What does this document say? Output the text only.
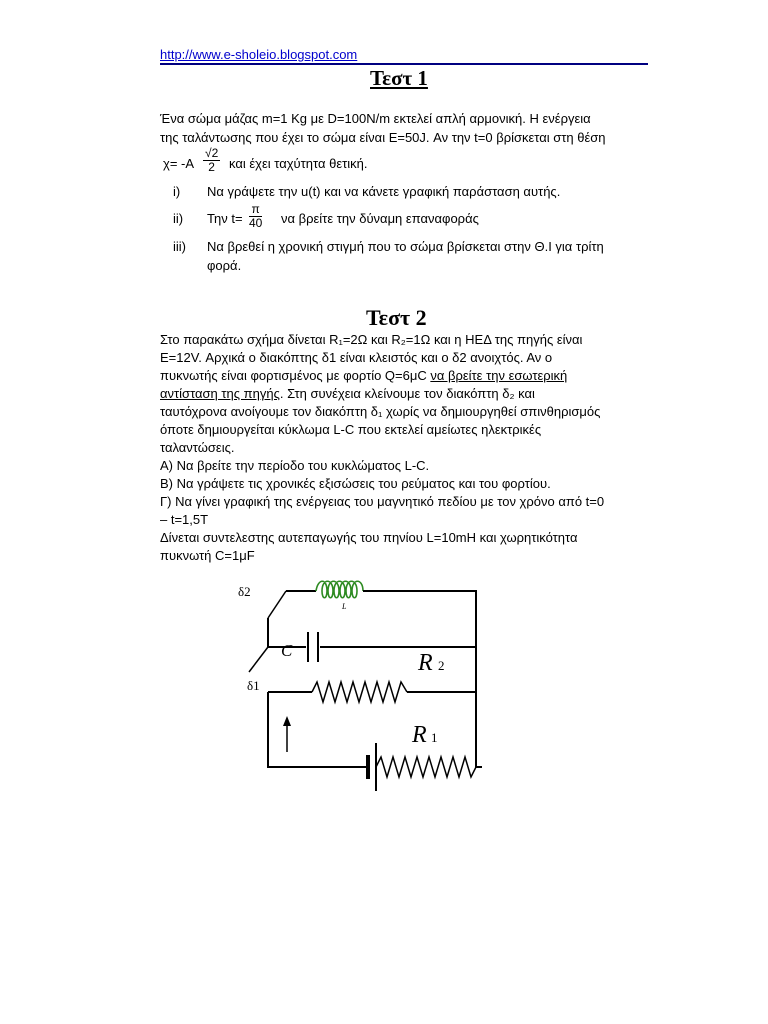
http://www.e-sholeio.blogspot.com
Τεστ 1
Ένα σώμα μάζας m=1 Kg με D=100N/m εκτελεί απλή αρμονική. Η ενέργεια
της ταλάντωσης που έχει το σώμα είναι E=50J. Αν την t=0 βρίσκεται στη θέση
$\chi= -A \frac{√2}{2}$ και έχει ταχύτητα θετική.
i) Να γράψετε την u(t) και να κάνετε γραφική παράσταση αυτής.
ii) Την $t= \frac{\pi}{40}$ να βρείτε την δύναμη επαναφοράς
iii) Να βρεθεί η χρονική στιγμή που το σώμα βρίσκεται στην Θ.Ι για τρίτη
φορά.
Τεστ 2
Στο παρακάτω σχήμα δίνεται R₁=2Ω και R₂=1Ω και η ΗΕΔ της πηγής είναι
E=12V. Αρχικά ο διακόπτης δ1 είναι κλειστός και ο δ2 ανοιχτός. Αν ο
πυκνωτής είναι φορτισμένος με φορτίο Q=6μC να βρείτε την εσωτερική
αντίσταση της πηγής. Στη συνέχεια κλείνουμε τον διακόπτη δ₂ και
ταυτόχρονα ανοίγουμε τον διακόπτη δ₁ χωρίς να δημιουργηθεί σπινθηρισμός
όποτε δημιουργείται κύκλωμα L-C που εκτελεί αμείωτες ηλεκτρικές
ταλαντώσεις.
Α) Να βρείτε την περίοδο του κυκλώματος L-C.
Β) Να γράψετε τις χρονικές εξισώσεις του ρεύματος και του φορτίου.
Γ) Να γίνει γραφική της ενέργειας του μαγνητικό πεδίου με τον χρόνο από t=0
– t=1,5T
Δίνεται συντελεστης αυτεπαγωγής του πηνίου L=10mH και χωρητικότητα
πυκνωτή C=1μF
δ2
δ1
L
C	R 2
R 1
